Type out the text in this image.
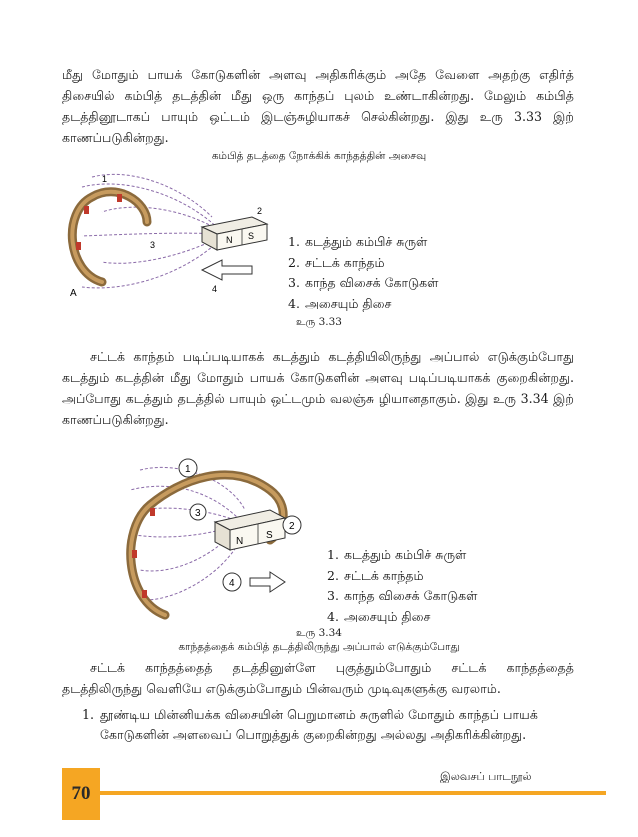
மீது மோதும் பாயக் கோடுகளின் அளவு அதிகரிக்கும் அதே வேளை அதற்கு எதிர்த் திசையில் கம்பித் தடத்தின் மீது ஒரு காந்தப் புலம் உண்டாகின்றது. மேலும் கம்பித் தடத்தினூடாகப் பாயும் ஒட்டம் இடஞ்சுழியாகச் செல்கின்றது. இது உரு 3.33 இற் காணப்படுகின்றது.

கம்பித் தடத்தை நோக்கிக் காந்தத்தின் அசைவு

N S
A
1
2
3
4
1. கடத்தும் கம்பிச் சுருள்
2. சட்டக் காந்தம்
3. காந்த விசைக் கோடுகள்
4. அசையும் திசை

உரு 3.33

சட்டக் காந்தம் படிப்படியாகக் கடத்தும் கடத்தியிலிருந்து அப்பால் எடுக்கும்போது கடத்தும் கடத்தின் மீது மோதும் பாயக் கோடுகளின் அளவு படிப்படியாகக் குறைகின்றது. அப்போது கடத்தும் தடத்தில் பாயும் ஒட்டமும் வலஞ்சு ழியானதாகும். இது உரு 3.34 இற் காணப்படுகின்றது.

1
2
3
4
N
S
1. கடத்தும் கம்பிச் சுருள்
2. சட்டக் காந்தம்
3. காந்த விசைக் கோடுகள்
4. அசையும் திசை

உரு 3.34

காந்தத்தைக் கம்பித் தடத்திலிருந்து அப்பால் எடுக்கும்போது

சட்டக் காந்தத்தைத் தடத்தினுள்ளே புகுத்தும்போதும் சட்டக் காந்தத்தைத் தடத்திலிருந்து வெளியே எடுக்கும்போதும் பின்வரும் முடிவுகளுக்கு வரலாம்.

1. தூண்டிய மின்னியக்க விசையின் பெறுமானம் சுருளில் மோதும் காந்தப் பாயக் கோடுகளின் அளவைப் பொறுத்துக் குறைகின்றது அல்லது அதிகரிக்கின்றது.
70
இலவசப் பாடநூல்
